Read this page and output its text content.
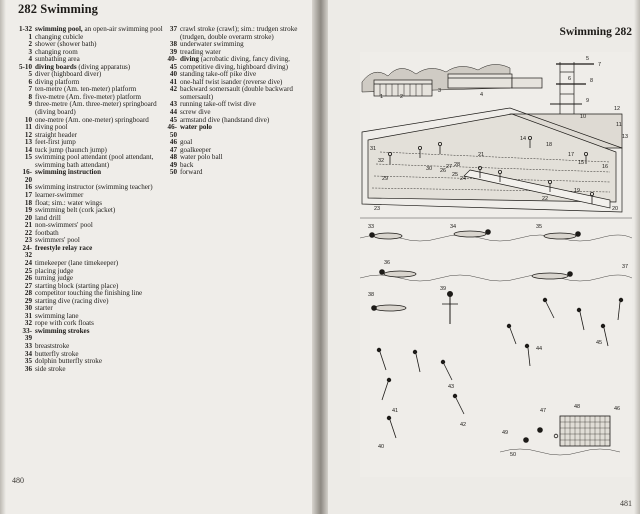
282 Swimming
1-32 swimming pool, an open-air swimming pool
1 changing cubicle
2 shower (shower bath)
3 changing room
4 sunbathing area
5-10 diving boards (diving apparatus)
5 diver (highboard diver)
6 diving platform
7 ten-metre (Am. ten-meter) platform
8 five-metre (Am. five-meter) platform
9 three-metre (Am. three-meter) springboard (diving board)
10 one-metre (Am. one-meter) springboard
11 diving pool
12 straight header
13 feet-first jump
14 tuck jump (haunch jump)
15 swimming pool attendant (pool attendant, swimming bath attendant)
16-20
swimming instruction
16 swimming instructor (swimming teacher)
17 learner-swimmer
18 float; sim.: water wings
19 swimming belt (cork jacket)
20 land drill
21 non-swimmers' pool
22 footbath
23 swimmers' pool
24-32
freestyle relay race
24 timekeeper (lane timekeeper)
25 placing judge
26 turning judge
27 starting block (starting place)
28 competitor touching the finishing line
29 starting dive (racing dive)
30 starter
31 swimming lane
32 rope with cork floats
33-39
swimming strokes
33 breaststroke
34 butterfly stroke
35 dolphin butterfly stroke
36 side stroke
37 crawl stroke (crawl); sim.: trudgen stroke (trudgen, double overarm stroke)
38 underwater swimming
39 treading water
40-45
diving (acrobatic diving, fancy diving, competitive diving, highboard diving)
40 standing take-off pike dive
41 one-half twist isander (reverse dive)
42 backward somersault (double backward somersault)
43 running take-off twist dive
44 screw dive
45 armstand dive (handstand dive)
46-50
water polo
46 goal
47 goalkeeper
48 water polo ball
49 back
50 forward
480
Swimming 282
481
1	2
3
4
5
6
7
8
9
10
11
12
13
14
15
16
17
18
19
20
21
22
23
24
25
26
27 28
29
30
31
32
33	34	35
36
37
38
39
40
41
42
43
44
45
46
47
48
49
50
